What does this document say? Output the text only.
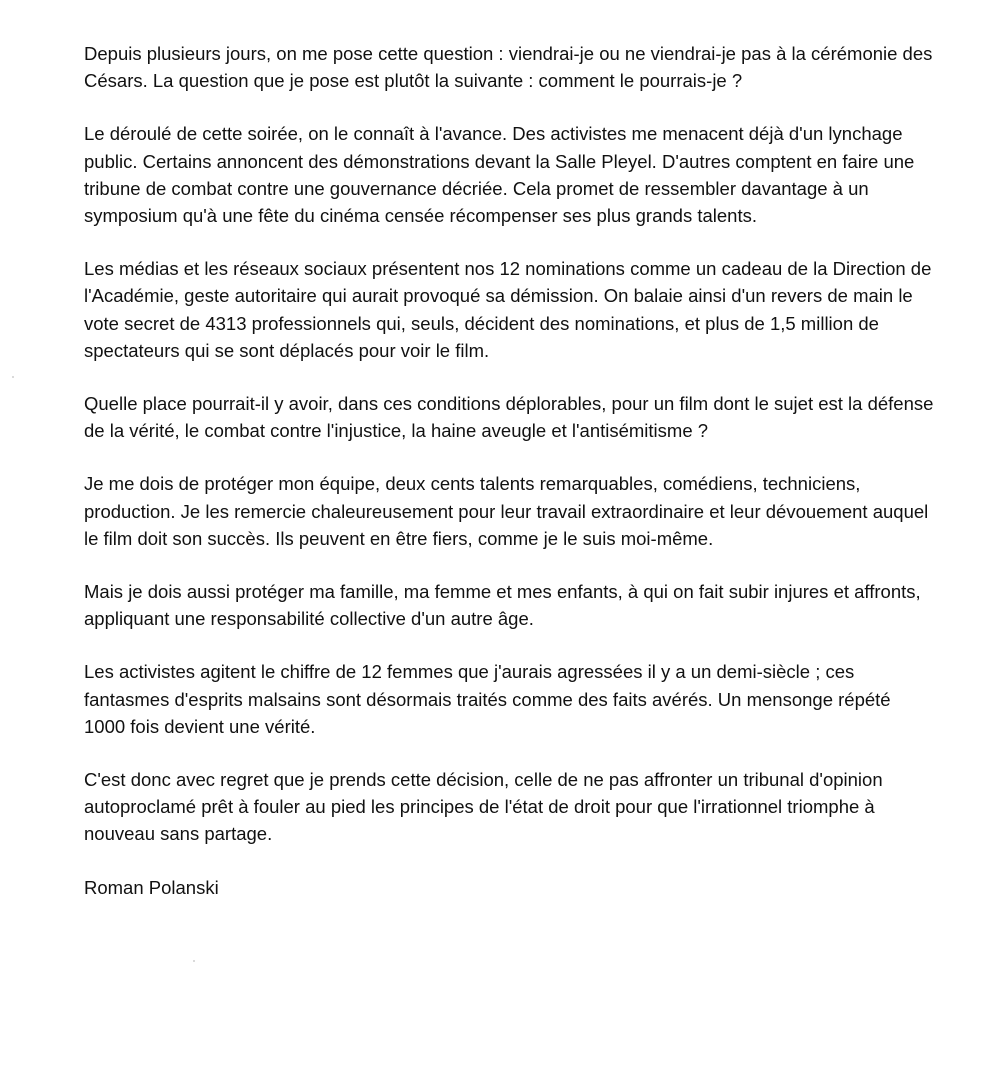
Depuis plusieurs jours, on me pose cette question : viendrai-je ou ne viendrai-je pas à la cérémonie des Césars. La question que je pose est plutôt la suivante : comment le pourrais-je ?

Le déroulé de cette soirée, on le connaît à l'avance. Des activistes me menacent déjà d'un lynchage public. Certains annoncent des démonstrations devant la Salle Pleyel. D'autres comptent en faire une tribune de combat contre une gouvernance décriée. Cela promet de ressembler davantage à un symposium qu'à une fête du cinéma censée récompenser ses plus grands talents.

Les médias et les réseaux sociaux présentent nos 12 nominations comme un cadeau de la Direction de l'Académie, geste autoritaire qui aurait provoqué sa démission. On balaie ainsi d'un revers de main le vote secret de 4313 professionnels qui, seuls, décident des nominations, et plus de 1,5 million de spectateurs qui se sont déplacés pour voir le film.

Quelle place pourrait-il y avoir, dans ces conditions déplorables, pour un film dont le sujet est la défense de la vérité, le combat contre l'injustice, la haine aveugle et l'antisémitisme ?

Je me dois de protéger mon équipe, deux cents talents remarquables, comédiens, techniciens, production. Je les remercie chaleureusement pour leur travail extraordinaire et leur dévouement auquel le film doit son succès. Ils peuvent en être fiers, comme je le suis moi-même.

Mais je dois aussi protéger ma famille, ma femme et mes enfants, à qui on fait subir injures et affronts, appliquant une responsabilité collective d'un autre âge.

Les activistes agitent le chiffre de 12 femmes que j'aurais agressées il y a un demi-siècle ; ces fantasmes d'esprits malsains sont désormais traités comme des faits avérés. Un mensonge répété 1000 fois devient une vérité.

C'est donc avec regret que je prends cette décision, celle de ne pas affronter un tribunal d'opinion autoproclamé prêt à fouler au pied les principes de l'état de droit pour que l'irrationnel triomphe à nouveau sans partage.

Roman Polanski
